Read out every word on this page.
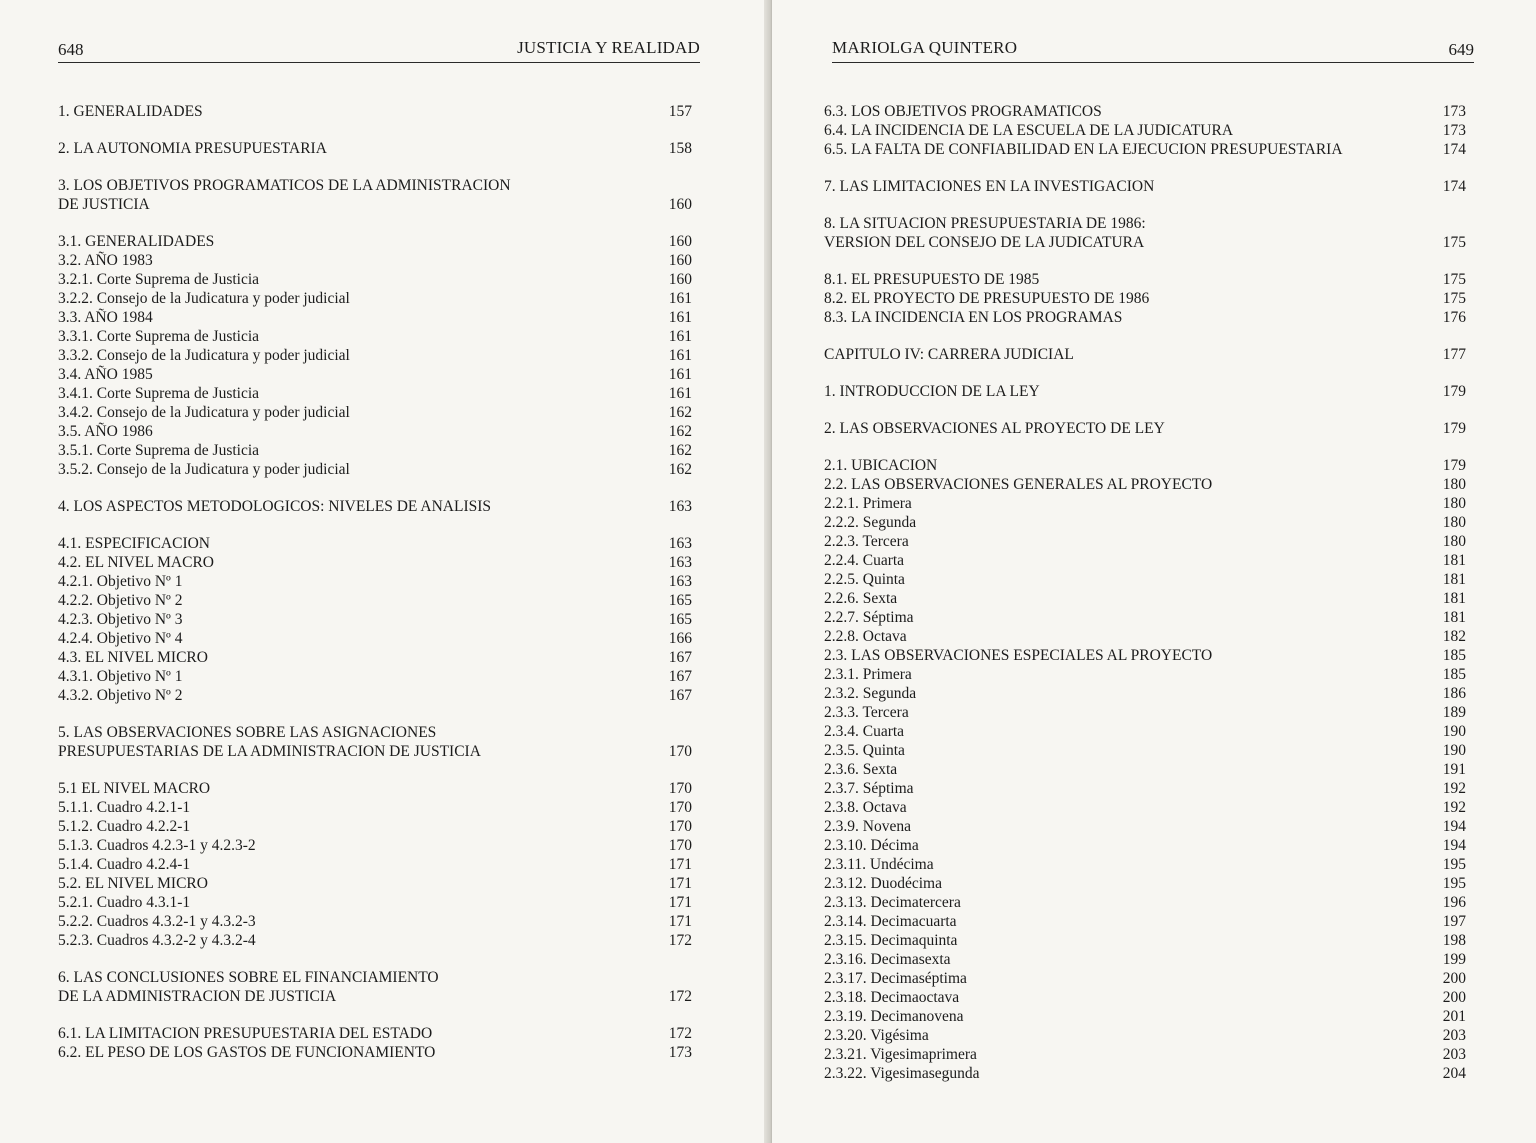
648	JUSTICIA Y REALIDAD
1. GENERALIDADES	157
2. LA AUTONOMIA PRESUPUESTARIA	158
3. LOS OBJETIVOS PROGRAMATICOS DE LA ADMINISTRACION
DE JUSTICIA	160
3.1. GENERALIDADES	160
3.2. AÑO 1983	160
3.2.1. Corte Suprema de Justicia	160
3.2.2. Consejo de la Judicatura y poder judicial	161
3.3. AÑO 1984	161
3.3.1. Corte Suprema de Justicia	161
3.3.2. Consejo de la Judicatura y poder judicial	161
3.4. AÑO 1985	161
3.4.1. Corte Suprema de Justicia	161
3.4.2. Consejo de la Judicatura y poder judicial	162
3.5. AÑO 1986	162
3.5.1. Corte Suprema de Justicia	162
3.5.2. Consejo de la Judicatura y poder judicial	162
4. LOS ASPECTOS METODOLOGICOS: NIVELES DE ANALISIS	163
4.1. ESPECIFICACION	163
4.2. EL NIVEL MACRO	163
4.2.1. Objetivo Nº 1	163
4.2.2. Objetivo Nº 2	165
4.2.3. Objetivo Nº 3	165
4.2.4. Objetivo Nº 4	166
4.3. EL NIVEL MICRO	167
4.3.1. Objetivo Nº 1	167
4.3.2. Objetivo Nº 2	167
5. LAS OBSERVACIONES SOBRE LAS ASIGNACIONES
PRESUPUESTARIAS DE LA ADMINISTRACION DE JUSTICIA	170
5.1 EL NIVEL MACRO	170
5.1.1. Cuadro 4.2.1-1	170
5.1.2. Cuadro 4.2.2-1	170
5.1.3. Cuadros 4.2.3-1 y 4.2.3-2	170
5.1.4. Cuadro 4.2.4-1	171
5.2. EL NIVEL MICRO	171
5.2.1. Cuadro 4.3.1-1	171
5.2.2. Cuadros 4.3.2-1 y 4.3.2-3	171
5.2.3. Cuadros 4.3.2-2 y 4.3.2-4	172
6. LAS CONCLUSIONES SOBRE EL FINANCIAMIENTO
DE LA ADMINISTRACION DE JUSTICIA	172
6.1. LA LIMITACION PRESUPUESTARIA DEL ESTADO	172
6.2. EL PESO DE LOS GASTOS DE FUNCIONAMIENTO	173
MARIOLGA QUINTERO	649
6.3. LOS OBJETIVOS PROGRAMATICOS	173
6.4. LA INCIDENCIA DE LA ESCUELA DE LA JUDICATURA	173
6.5. LA FALTA DE CONFIABILIDAD EN LA EJECUCION PRESUPUESTARIA	174
7. LAS LIMITACIONES EN LA INVESTIGACION	174
8. LA SITUACION PRESUPUESTARIA DE 1986:
VERSION DEL CONSEJO DE LA JUDICATURA	175
8.1. EL PRESUPUESTO DE 1985	175
8.2. EL PROYECTO DE PRESUPUESTO DE 1986	175
8.3. LA INCIDENCIA EN LOS PROGRAMAS	176
CAPITULO IV: CARRERA JUDICIAL	177
1. INTRODUCCION DE LA LEY	179
2. LAS OBSERVACIONES AL PROYECTO DE LEY	179
2.1. UBICACION	179
2.2. LAS OBSERVACIONES GENERALES AL PROYECTO	180
2.2.1. Primera	180
2.2.2. Segunda	180
2.2.3. Tercera	180
2.2.4. Cuarta	181
2.2.5. Quinta	181
2.2.6. Sexta	181
2.2.7. Séptima	181
2.2.8. Octava	182
2.3. LAS OBSERVACIONES ESPECIALES AL PROYECTO	185
2.3.1. Primera	185
2.3.2. Segunda	186
2.3.3. Tercera	189
2.3.4. Cuarta	190
2.3.5. Quinta	190
2.3.6. Sexta	191
2.3.7. Séptima	192
2.3.8. Octava	192
2.3.9. Novena	194
2.3.10. Décima	194
2.3.11. Undécima	195
2.3.12. Duodécima	195
2.3.13. Decimatercera	196
2.3.14. Decimacuarta	197
2.3.15. Decimaquinta	198
2.3.16. Decimasexta	199
2.3.17. Decimaséptima	200
2.3.18. Decimaoctava	200
2.3.19. Decimanovena	201
2.3.20. Vigésima	203
2.3.21. Vigesimaprimera	203
2.3.22. Vigesimasegunda	204
